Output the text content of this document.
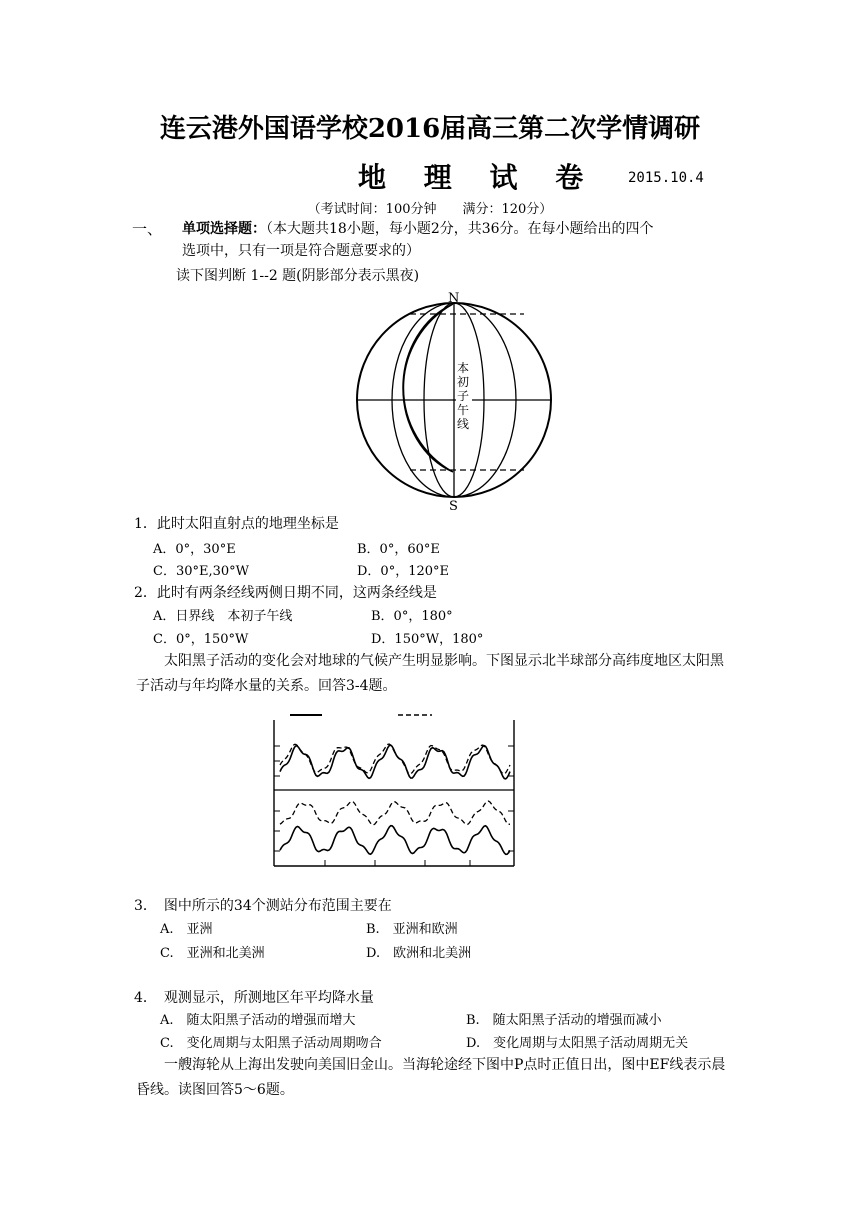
连云港外国语学校2016届高三第二次学情调研
地 理 试 卷 2015.10.4
（考试时间：100分钟　　满分：120分）
一、 单项选择题：（本大题共18小题，每小题2分，共36分。在每小题给出的四个
选项中，只有一项是符合题意要求的）
读下图判断 1--2 题(阴影部分表示黑夜)
N
S
本
初
子
午
线
1．此时太阳直射点的地理坐标是
A．0°，30°E	B．0°，60°E
C．30°E,30°W	D．0°，120°E
2．此时有两条经线两侧日期不同，这两条经线是
A．日界线　本初子午线	B．0°，180°
C．0°，150°W	D．150°W，180°
太阳黑子活动的变化会对地球的气候产生明显影响。下图显示北半球部分高纬度地区太阳黑子活动与年均降水量的关系。回答3-4题。
3．　图中所示的34个测站分布范围主要在
A.　亚洲	B.　亚洲和欧洲
C.　亚洲和北美洲	D.　欧洲和北美洲
4．　观测显示，所测地区年平均降水量
A.　随太阳黑子活动的增强而增大	B.　随太阳黑子活动的增强而减小
C.　变化周期与太阳黑子活动周期吻合	D.　变化周期与太阳黑子活动周期无关
一艘海轮从上海出发驶向美国旧金山。当海轮途经下图中P点时正值日出，图中EF线表示晨昏线。读图回答5～6题。
